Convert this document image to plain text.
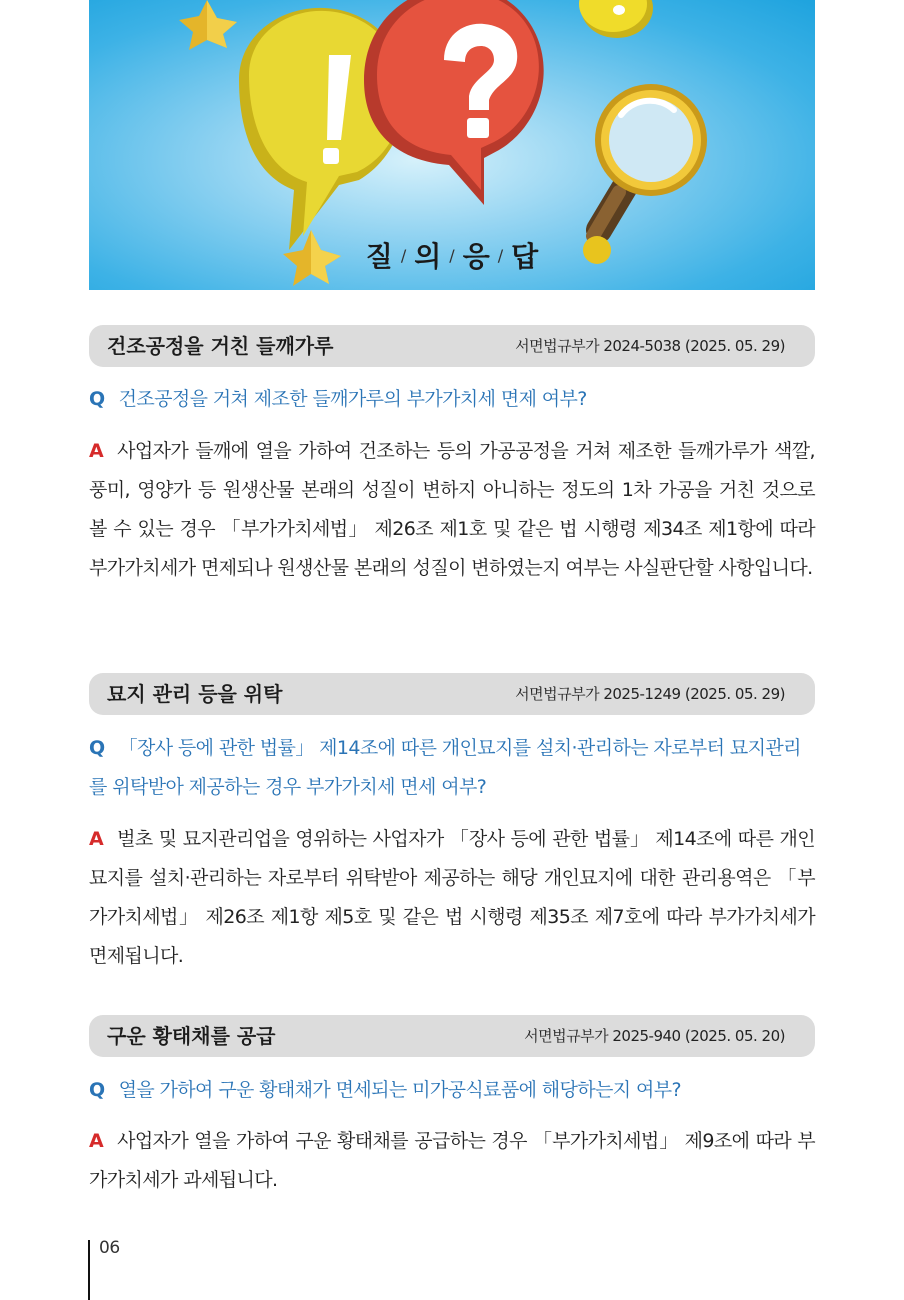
질 / 의 / 응 / 답
건조공정을 거친 들깨가루	서면법규부가 2024-5038 (2025. 05. 29)
Q 건조공정을 거쳐 제조한 들깨가루의 부가가치세 면제 여부?
A 사업자가 들깨에 열을 가하여 건조하는 등의 가공공정을 거쳐 제조한 들깨가루가 색깔, 풍미, 영양가 등 원생산물 본래의 성질이 변하지 아니하는 정도의 1차 가공을 거친 것으로 볼 수 있는 경우 「부가가치세법」 제26조 제1호 및 같은 법 시행령 제34조 제1항에 따라 부가가치세가 면제되나 원생산물 본래의 성질이 변하였는지 여부는 사실판단할 사항입니다.
묘지 관리 등을 위탁	서면법규부가 2025-1249 (2025. 05. 29)
Q 「장사 등에 관한 법률」 제14조에 따른 개인묘지를 설치·관리하는 자로부터 묘지관리를 위탁받아 제공하는 경우 부가가치세 면세 여부?
A 벌초 및 묘지관리업을 영위하는 사업자가 「장사 등에 관한 법률」 제14조에 따른 개인묘지를 설치·관리하는 자로부터 위탁받아 제공하는 해당 개인묘지에 대한 관리용역은 「부가가치세법」 제26조 제1항 제5호 및 같은 법 시행령 제35조 제7호에 따라 부가가치세가 면제됩니다.
구운 황태채를 공급	서면법규부가 2025-940 (2025. 05. 20)
Q 열을 가하여 구운 황태채가 면세되는 미가공식료품에 해당하는지 여부?
A 사업자가 열을 가하여 구운 황태채를 공급하는 경우 「부가가치세법」 제9조에 따라 부가가치세가 과세됩니다.
06
